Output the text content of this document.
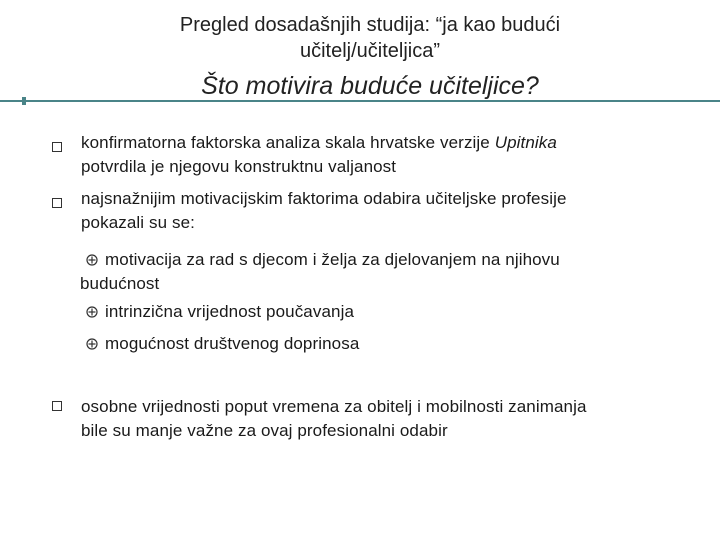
Pregled dosadašnjih studija: “ja kao budući
učitelj/učiteljica”
Što motivira buduće učiteljice?
konfirmatorna faktorska analiza skala hrvatske verzije Upitnika
potvrdila je njegovu konstruktnu valjanost
najsnažnijim motivacijskim faktorima odabira učiteljske profesije
pokazali su se:
motivacija za rad s djecom i želja za djelovanjem na njihovu
budućnost
intrinzična vrijednost poučavanja
mogućnost društvenog doprinosa
osobne vrijednosti poput vremena za obitelj i mobilnosti zanimanja
bile su manje važne za ovaj profesionalni odabir
